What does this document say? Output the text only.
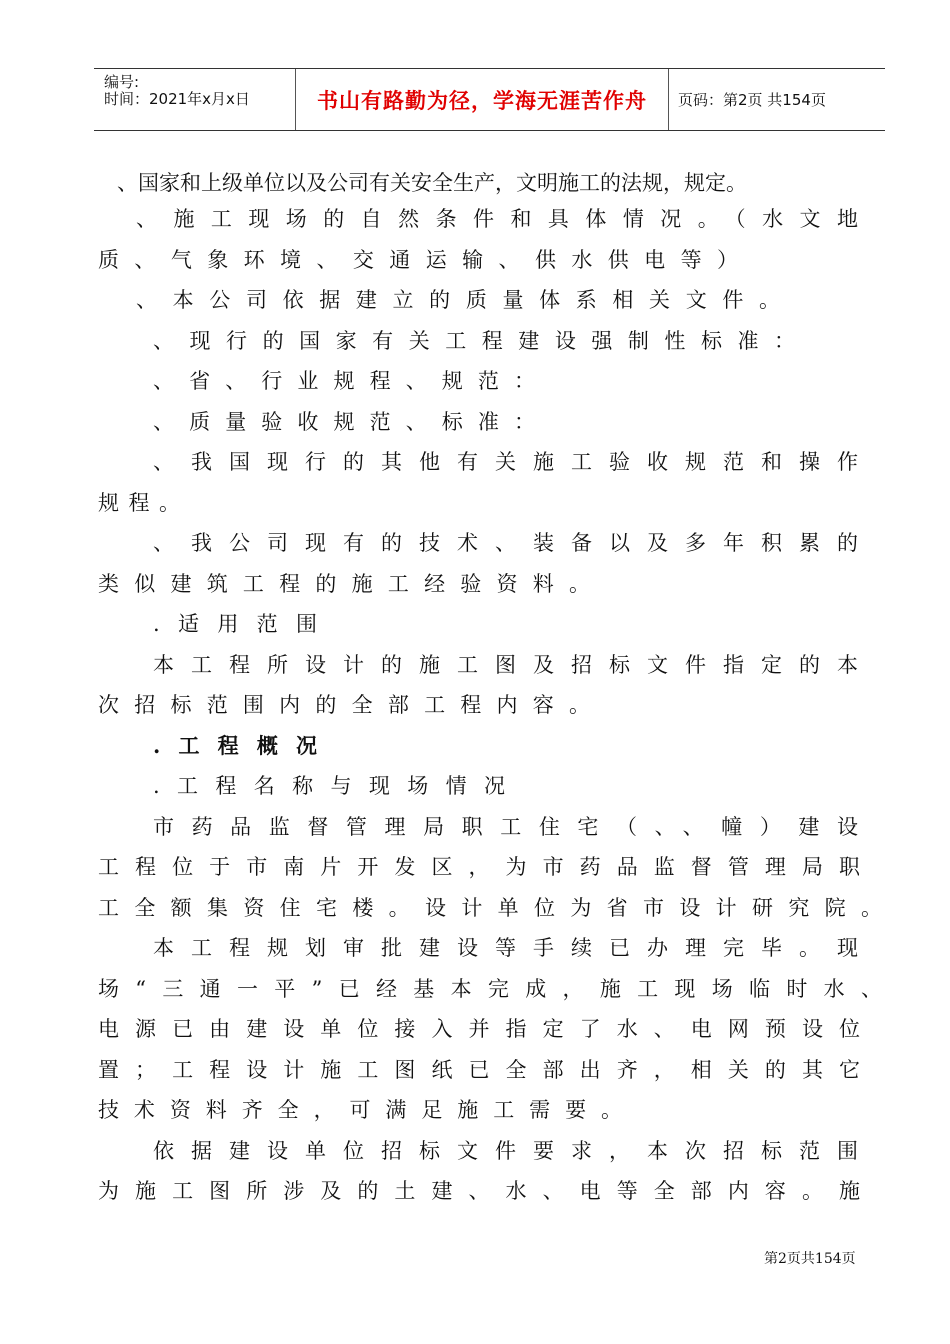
编号:
时间：2021年x月x日	书山有路勤为径，学海无涯苦作舟	页码：第2页 共154页
、国家和上级单位以及公司有关安全生产，文明施工的法规，规定。
、施工现场的自然条件和具体情况。（水文地
质、气象环境、交通运输、供水供电等）
、本公司依据建立的质量体系相关文件。
、现行的国家有关工程建设强制性标准：
、省、行业规程、规范：
、质量验收规范、标准：
、我国现行的其他有关施工验收规范和操作
规程。
、我公司现有的技术、装备以及多年积累的
类似建筑工程的施工经验资料。
.适用范围
本工程所设计的施工图及招标文件指定的本
次招标范围内的全部工程内容。
.工程概况
.工程名称与现场情况
市药品监督管理局职工住宅（、、幢）建设
工程位于市南片开发区，为市药品监督管理局职
工全额集资住宅楼。设计单位为省市设计研究院。
本工程规划审批建设等手续已办理完毕。现
场“三通一平”已经基本完成，施工现场临时水、
电源已由建设单位接入并指定了水、电网预设位
置；工程设计施工图纸已全部出齐，相关的其它
技术资料齐全，可满足施工需要。
依据建设单位招标文件要求，本次招标范围
为施工图所涉及的土建、水、电等全部内容。施
第2页共154页
